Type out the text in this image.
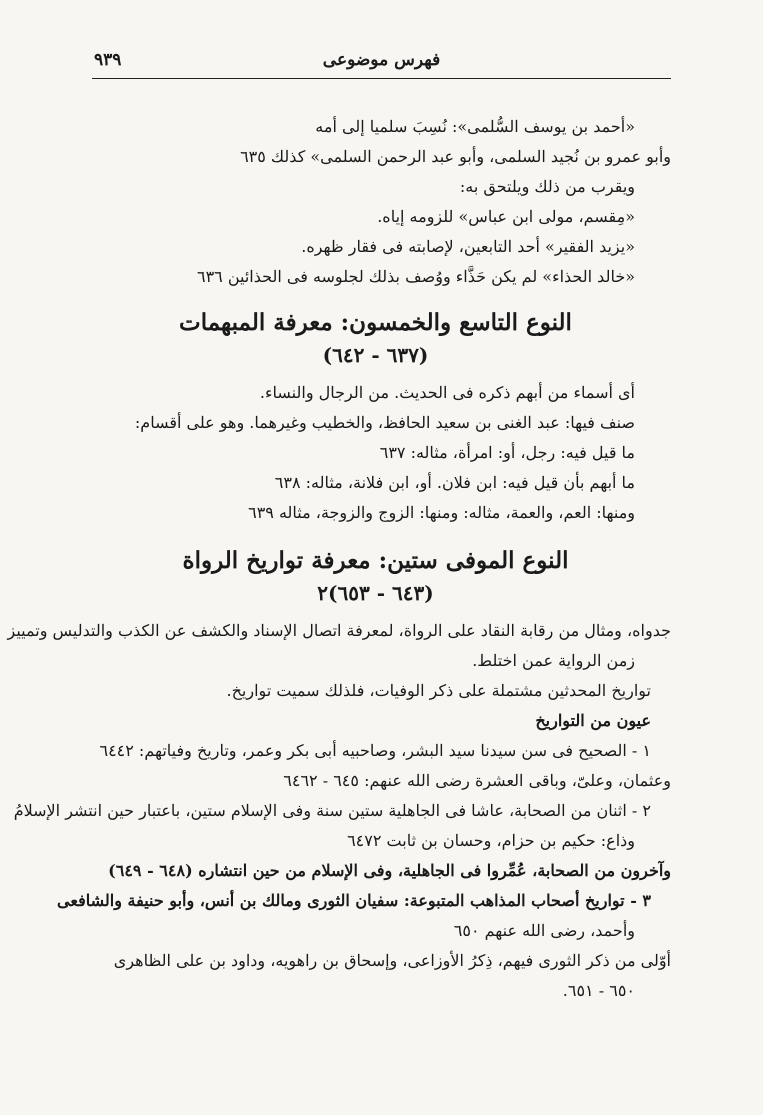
٩٣٩	فهرس موضوعى
«أحمد بن يوسف السُّلمى»: نُسِبَ سلميا إلى أمه
وأبو عمرو بن نُجيد السلمى، وأبو عبد الرحمن السلمى» كذلك ٦٣٥
ويقرب من ذلك ويلتحق به:
«مِقسم، مولى ابن عباس» للزومه إياه.
«يزيد الفقير» أحد التابعين، لإصابته فى فقار ظهره.
«خالد الحذاء» لم يكن حَذَّاء ووُصف بذلك لجلوسه فى الحذائين ٦٣٦
النوع التاسع والخمسون: معرفة المبهمات
(٦٣٧ - ٦٤٢)
أى أسماء من أبهم ذكره فى الحديث. من الرجال والنساء.
صنف فيها: عبد الغنى بن سعيد الحافظ، والخطيب وغيرهما. وهو على أقسام:
ما قيل فيه: رجل، أو: امرأة، مثاله: ٦٣٧
ما أبهم بأن قيل فيه: ابن فلان. أو، ابن فلانة، مثاله: ٦٣٨
ومنها: العم، والعمة، مثاله: ومنها: الزوج والزوجة، مثاله ٦٣٩
النوع الموفى ستين: معرفة تواريخ الرواة
(٦٤٣ - ٦٥٣)٢
جدواه، ومثال من رقابة النقاد على الرواة، لمعرفة اتصال الإسناد والكشف عن الكذب والتدليس وتمييز
زمن الرواية عمن اختلط.
تواريخ المحدثين مشتملة على ذكر الوفيات، فلذلك سميت تواريخ.
عيون من التواريخ
١ - الصحيح فى سن سيدنا سيد البشر، وصاحبيه أبى بكر وعمر، وتاريخ وفياتهم: ٦٤٤٢
وعثمان، وعلىّ، وباقى العشرة رضى الله عنهم: ٦٤٥ - ٦٤٦٢
٢ - اثنان من الصحابة، عاشا فى الجاهلية ستين سنة وفى الإسلام ستين، باعتبار حين انتشر الإسلامُ
وذاع: حكيم بن حزام، وحسان بن ثابت ٦٤٧٢
وآخرون من الصحابة، عُمِّروا فى الجاهلية، وفى الإسلام من حين انتشاره (٦٤٨ - ٦٤٩)
٣ - تواريخ أصحاب المذاهب المتبوعة: سفيان الثورى ومالك بن أنس، وأبو حنيفة والشافعى
وأحمد، رضى الله عنهم ٦٥٠
أوّلى من ذكر الثورى فيهم، ذِكرُ الأوزاعى، وإسحاق بن راهويه، وداود بن على الظاهرى
٦٥٠ - ٦٥١.
